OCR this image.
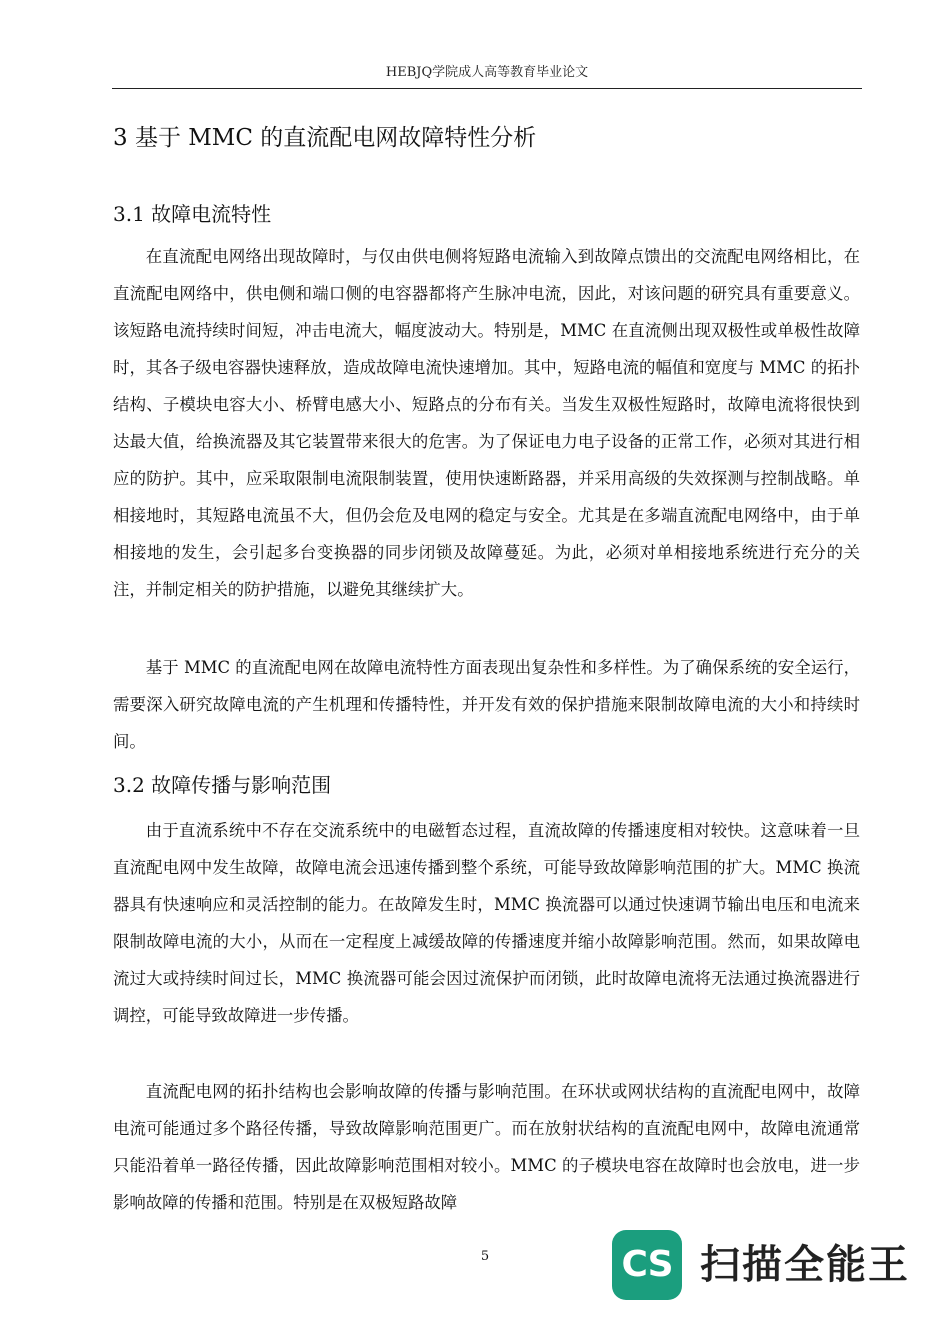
HEBJQ学院成人高等教育毕业论文
3 基于 MMC 的直流配电网故障特性分析
3.1 故障电流特性

在直流配电网络出现故障时，与仅由供电侧将短路电流输入到故障点馈出的交流配电网络相比，在直流配电网络中，供电侧和端口侧的电容器都将产生脉冲电流，因此，对该问题的研究具有重要意义。该短路电流持续时间短，冲击电流大，幅度波动大。特别是，MMC 在直流侧出现双极性或单极性故障时，其各子级电容器快速释放，造成故障电流快速增加。其中，短路电流的幅值和宽度与 MMC 的拓扑结构、子模块电容大小、桥臂电感大小、短路点的分布有关。当发生双极性短路时，故障电流将很快到达最大值，给换流器及其它装置带来很大的危害。为了保证电力电子设备的正常工作，必须对其进行相应的防护。其中，应采取限制电流限制装置，使用快速断路器，并采用高级的失效探测与控制战略。单相接地时，其短路电流虽不大，但仍会危及电网的稳定与安全。尤其是在多端直流配电网络中，由于单相接地的发生，会引起多台变换器的同步闭锁及故障蔓延。为此，必须对单相接地系统进行充分的关注，并制定相关的防护措施，以避免其继续扩大。

基于 MMC 的直流配电网在故障电流特性方面表现出复杂性和多样性。为了确保系统的安全运行，需要深入研究故障电流的产生机理和传播特性，并开发有效的保护措施来限制故障电流的大小和持续时间。

3.2 故障传播与影响范围

由于直流系统中不存在交流系统中的电磁暂态过程，直流故障的传播速度相对较快。这意味着一旦直流配电网中发生故障，故障电流会迅速传播到整个系统，可能导致故障影响范围的扩大。MMC 换流器具有快速响应和灵活控制的能力。在故障发生时，MMC 换流器可以通过快速调节输出电压和电流来限制故障电流的大小，从而在一定程度上减缓故障的传播速度并缩小故障影响范围。然而，如果故障电流过大或持续时间过长，MMC 换流器可能会因过流保护而闭锁，此时故障电流将无法通过换流器进行调控，可能导致故障进一步传播。

直流配电网的拓扑结构也会影响故障的传播与影响范围。在环状或网状结构的直流配电网中，故障电流可能通过多个路径传播，导致故障影响范围更广。而在放射状结构的直流配电网中，故障电流通常只能沿着单一路径传播，因此故障影响范围相对较小。MMC 的子模块电容在故障时也会放电，进一步影响故障的传播和范围。特别是在双极短路故障

5	CS 扫描全能王
